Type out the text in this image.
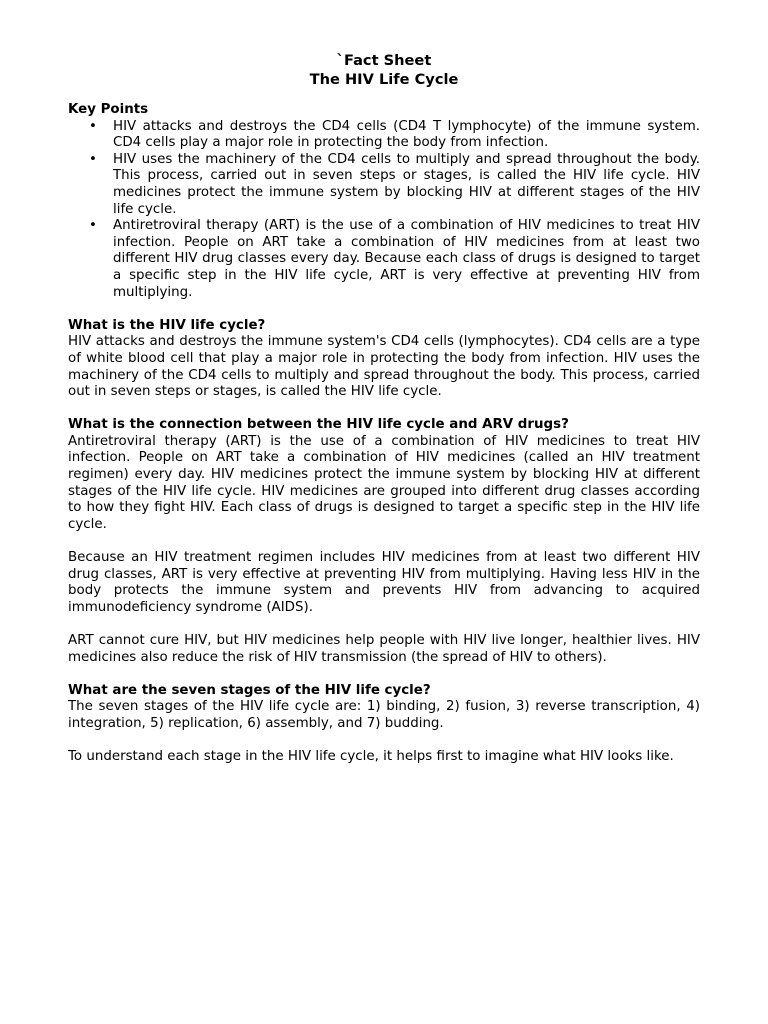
`Fact Sheet

The HIV Life Cycle

Key Points

• HIV attacks and destroys the CD4 cells (CD4 T lymphocyte) of the immune system. CD4 cells play a major role in protecting the body from infection.
• HIV uses the machinery of the CD4 cells to multiply and spread throughout the body. This process, carried out in seven steps or stages, is called the HIV life cycle. HIV medicines protect the immune system by blocking HIV at different stages of the HIV life cycle.
• Antiretroviral therapy (ART) is the use of a combination of HIV medicines to treat HIV infection. People on ART take a combination of HIV medicines from at least two different HIV drug classes every day. Because each class of drugs is designed to target a specific step in the HIV life cycle, ART is very effective at preventing HIV from multiplying.

What is the HIV life cycle?

HIV attacks and destroys the immune system's CD4 cells (lymphocytes). CD4 cells are a type of white blood cell that play a major role in protecting the body from infection. HIV uses the machinery of the CD4 cells to multiply and spread throughout the body. This process, carried out in seven steps or stages, is called the HIV life cycle.

What is the connection between the HIV life cycle and ARV drugs?

Antiretroviral therapy (ART) is the use of a combination of HIV medicines to treat HIV infection. People on ART take a combination of HIV medicines (called an HIV treatment regimen) every day. HIV medicines protect the immune system by blocking HIV at different stages of the HIV life cycle. HIV medicines are grouped into different drug classes according to how they fight HIV. Each class of drugs is designed to target a specific step in the HIV life cycle.

Because an HIV treatment regimen includes HIV medicines from at least two different HIV drug classes, ART is very effective at preventing HIV from multiplying. Having less HIV in the body protects the immune system and prevents HIV from advancing to acquired immunodeficiency syndrome (AIDS).

ART cannot cure HIV, but HIV medicines help people with HIV live longer, healthier lives. HIV medicines also reduce the risk of HIV transmission (the spread of HIV to others).

What are the seven stages of the HIV life cycle?

The seven stages of the HIV life cycle are: 1) binding, 2) fusion, 3) reverse transcription, 4) integration, 5) replication, 6) assembly, and 7) budding.

To understand each stage in the HIV life cycle, it helps first to imagine what HIV looks like.
